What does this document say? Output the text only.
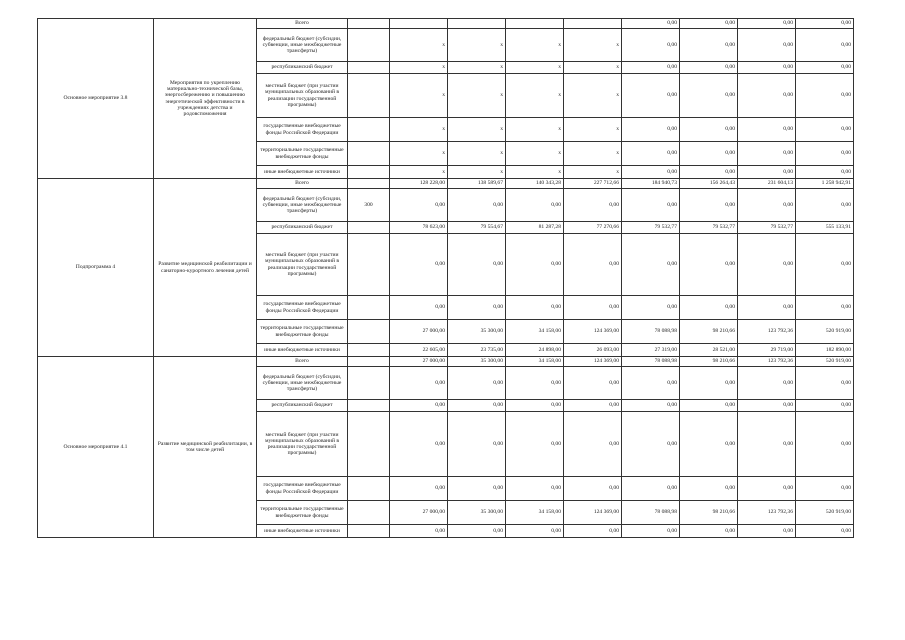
Основное мероприятие 3.8	Мероприятия по укреплению материально-технической базы, энергосбережению и повышению энергетической эффективности в учреждениях детства и родовспоможения	Всего						0,00	0,00	0,00	0,00
		федеральный бюджет (субсидии, субвенции, иные межбюджетные трансферты)		x	x	x	x	0,00	0,00	0,00	0,00
		республиканский бюджет		x	x	x	x	0,00	0,00	0,00	0,00
		местный бюджет (при участии муниципальных образований в реализации государственной программы)		x	x	x	x	0,00	0,00	0,00	0,00
		государственные внебюджетные фонды Российской Федерации		x	x	x	x	0,00	0,00	0,00	0,00
		территориальные государственные внебюджетные фонды		x	x	x	x	0,00	0,00	0,00	0,00
		иные внебюджетные источники		x	x	x	x	0,00	0,00	0,00	0,00
Подпрограмма 4	Развитие медицинской реабилитации и санаторно-курортного лечения детей	Всего		128 228,00	138 589,67	140 343,28	227 712,66	184 940,73	156 264,43	231 604,13	1 258 942,91
		федеральный бюджет (субсидии, субвенции, иные межбюджетные трансферты)	300	0,00	0,00	0,00	0,00	0,00	0,00	0,00	0,00
		республиканский бюджет		78 623,00	79 554,67	81 287,28	77 270,66	79 532,77	79 532,77	79 532,77	555 133,91
		местный бюджет (при участии муниципальных образований в реализации государственной программы)		0,00	0,00	0,00	0,00	0,00	0,00	0,00	0,00
		государственные внебюджетные фонды Российской Федерации		0,00	0,00	0,00	0,00	0,00	0,00	0,00	0,00
		территориальные государственные внебюджетные фонды		27 000,00	35 300,00	34 158,00	124 369,00	78 088,98	98 210,66	123 792,36	520 919,00
		иные внебюджетные источники		22 605,00	23 735,00	24 898,00	26 093,00	27 319,00	28 521,00	29 719,00	182 890,00
Основное мероприятие 4.1	Развитие медицинской реабилитации, в том числе детей	Всего		27 000,00	35 300,00	34 158,00	124 369,00	78 088,98	98 210,66	123 792,36	520 919,00
		федеральный бюджет (субсидии, субвенции, иные межбюджетные трансферты)		0,00	0,00	0,00	0,00	0,00	0,00	0,00	0,00
		республиканский бюджет		0,00	0,00	0,00	0,00	0,00	0,00	0,00	0,00
		местный бюджет (при участии муниципальных образований в реализации государственной программы)		0,00	0,00	0,00	0,00	0,00	0,00	0,00	0,00
		государственные внебюджетные фонды Российской Федерации		0,00	0,00	0,00	0,00	0,00	0,00	0,00	0,00
		территориальные государственные внебюджетные фонды		27 000,00	35 300,00	34 158,00	124 369,00	78 088,98	98 210,66	123 792,36	520 919,00
		иные внебюджетные источники		0,00	0,00	0,00	0,00	0,00	0,00	0,00	0,00
